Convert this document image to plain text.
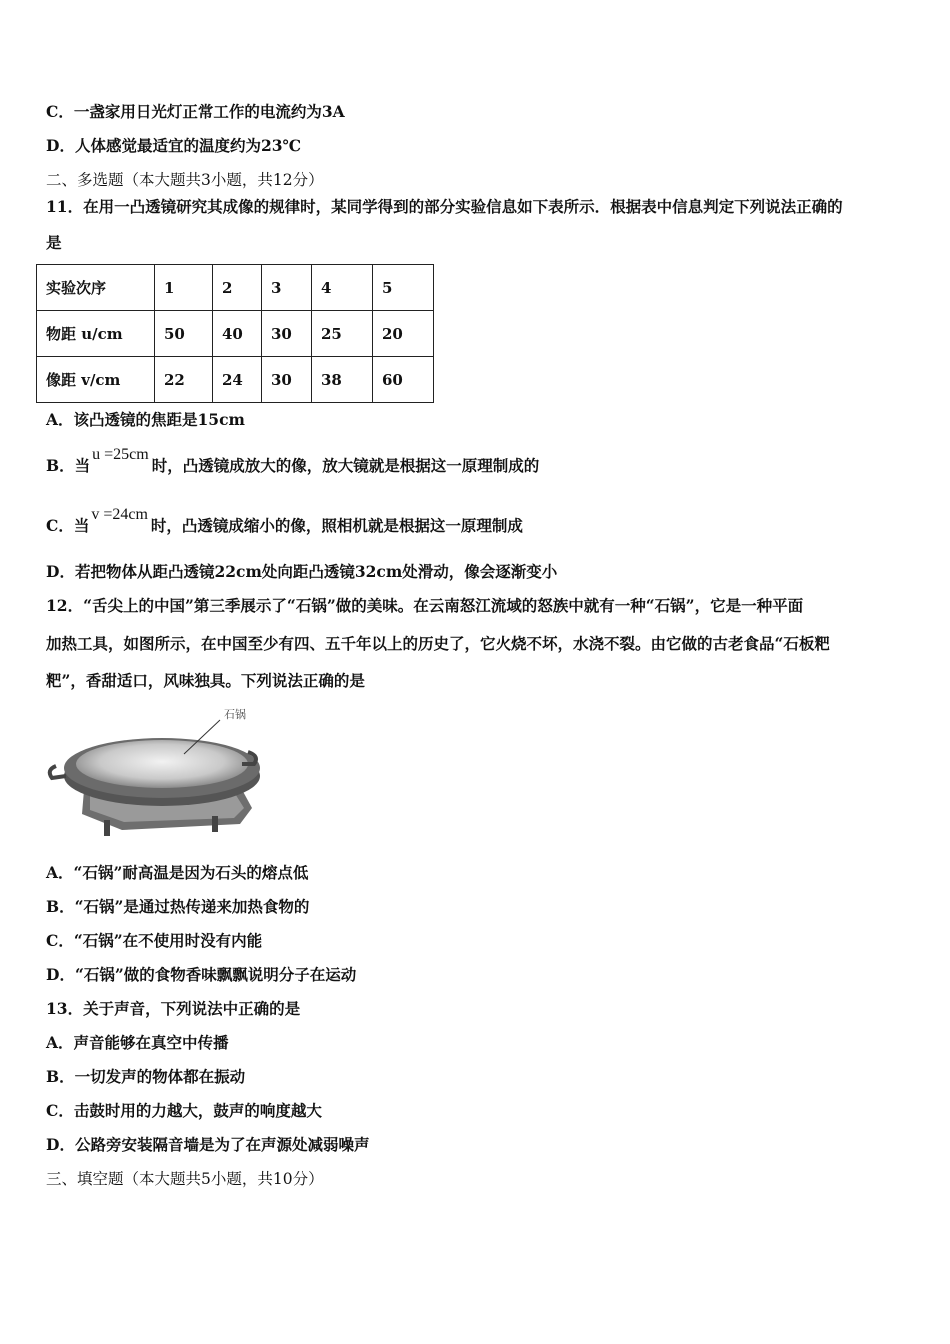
C．一盏家用日光灯正常工作的电流约为3A

D．人体感觉最适宜的温度约为23℃

二、多选题（本大题共3小题，共12分）

11．在用一凸透镜研究其成像的规律时，某同学得到的部分实验信息如下表所示．根据表中信息判定下列说法正确的

是

实验次序	1	2	3	4	5
物距 u/cm	50	40	30	25	20
像距 v/cm	22	24	30	38	60

A．该凸透镜的焦距是15cm

B．当u =25cm时，凸透镜成放大的像，放大镜就是根据这一原理制成的

C．当v =24cm时，凸透镜成缩小的像，照相机就是根据这一原理制成

D．若把物体从距凸透镜22cm处向距凸透镜32cm处滑动，像会逐渐变小

12．“舌尖上的中国”第三季展示了“石锅”做的美味。在云南怒江流域的怒族中就有一种“石锅”，它是一种平面

加热工具，如图所示，在中国至少有四、五千年以上的历史了，它火烧不坏，水浇不裂。由它做的古老食品“石板粑

粑”，香甜适口，风味独具。下列说法正确的是

石锅

A．“石锅”耐高温是因为石头的熔点低

B．“石锅”是通过热传递来加热食物的

C．“石锅”在不使用时没有内能

D．“石锅”做的食物香味飘飘说明分子在运动

13．关于声音，下列说法中正确的是

A．声音能够在真空中传播

B．一切发声的物体都在振动

C．击鼓时用的力越大，鼓声的响度越大

D．公路旁安装隔音墙是为了在声源处减弱噪声

三、填空题（本大题共5小题，共10分）
